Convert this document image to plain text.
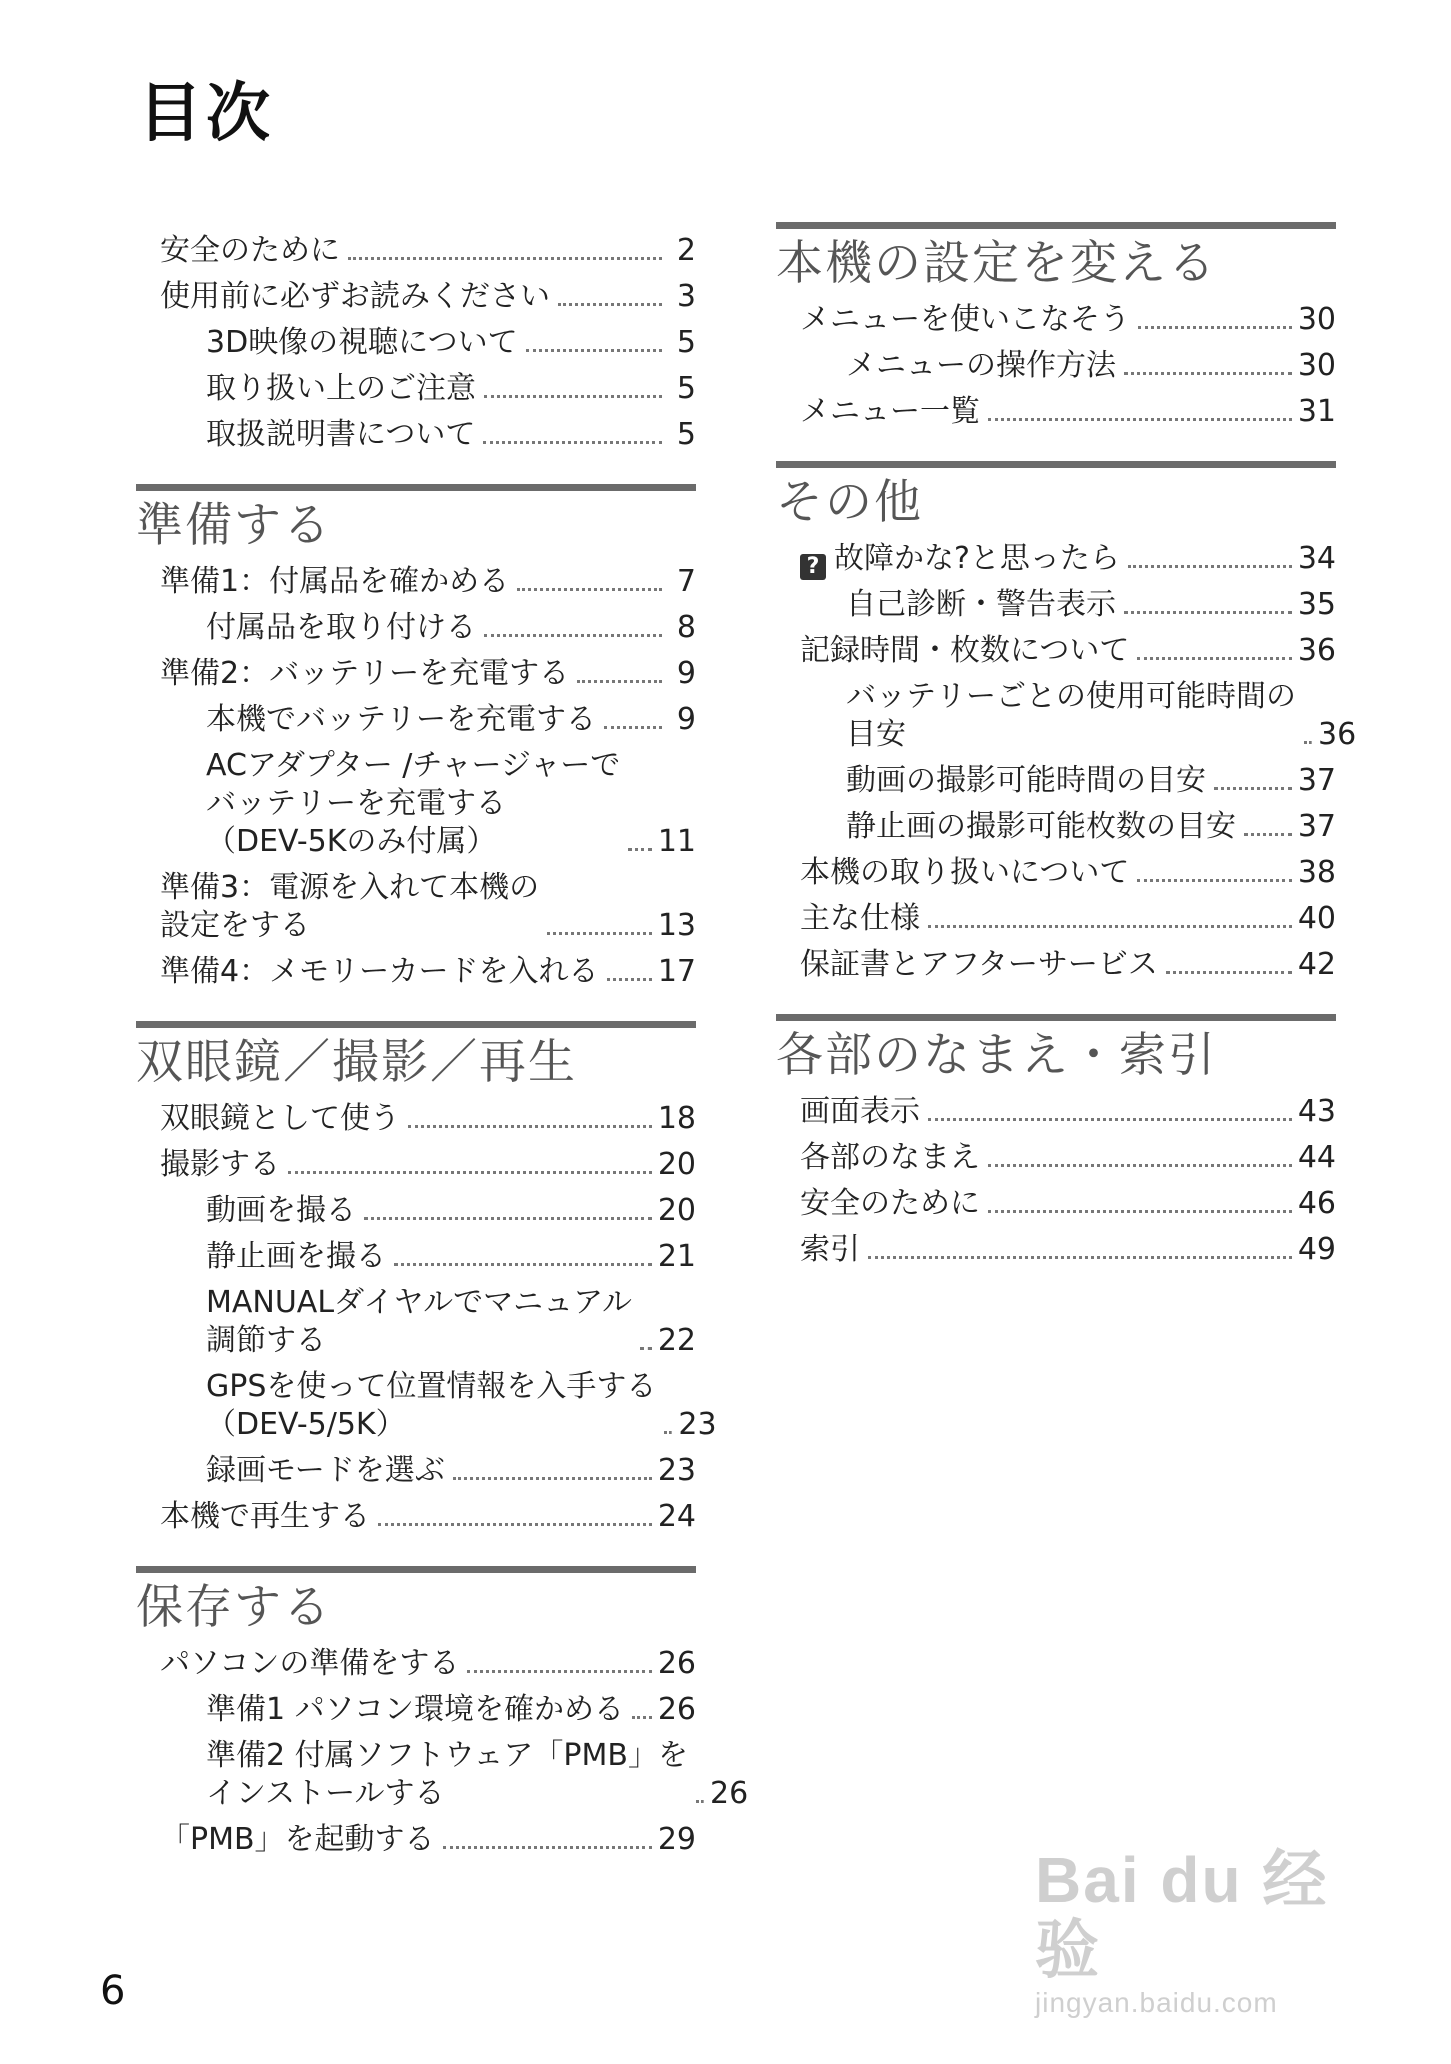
目次
安全のために	2
使用前に必ずお読みください	3
3D映像の視聴について	5
取り扱い上のご注意	5
取扱説明書について	5
準備する
準備1：付属品を確かめる	7
付属品を取り付ける	8
準備2：バッテリーを充電する	9
本機でバッテリーを充電する	9
ACアダプター /チャージャーで
バッテリーを充電する
（DEV-5Kのみ付属）	11
準備3：電源を入れて本機の
設定をする	13
準備4：メモリーカードを入れる 17
双眼鏡／撮影／再生
双眼鏡として使う	18
撮影する	20
動画を撮る	20
静止画を撮る	21
MANUALダイヤルでマニュアル
調節する	22
GPSを使って位置情報を入手する
（DEV-5/5K）	23
録画モードを選ぶ	23
本機で再生する	24
保存する
パソコンの準備をする	26
準備1 パソコン環境を確かめる 26
準備2 付属ソフトウェア「PMB」を
インストールする	26
「PMB」を起動する	29
本機の設定を変える
メニューを使いこなそう	30
メニューの操作方法	30
メニュー一覧	31
その他
? 故障かな?と思ったら	34
自己診断・警告表示	35
記録時間・枚数について	36
バッテリーごとの使用可能時間の
目安	36
動画の撮影可能時間の目安	37
静止画の撮影可能枚数の目安 37
本機の取り扱いについて	38
主な仕様	40
保証書とアフターサービス	42
各部のなまえ・索引
画面表示	43
各部のなまえ	44
安全のために	46
索引	49
6
Bai du 经验
jingyan.baidu.com
